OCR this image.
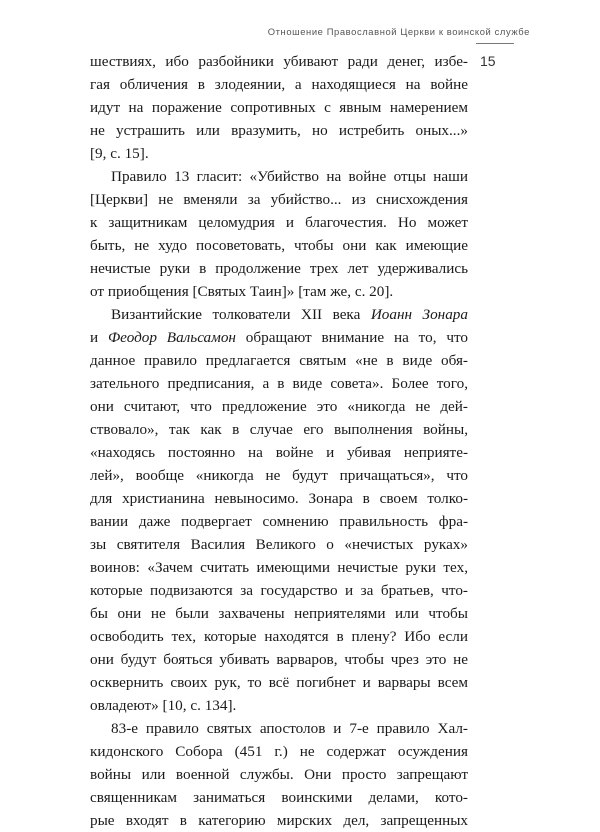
Отношение Православной Церкви к воинской службе
15

шествиях, ибо разбойники убивают ради денег, избе-
гая обличения в злодеянии, а находящиеся на войне
идут на поражение сопротивных с явным намерением
не устрашить или вразумить, но истребить оных...»
[9, с. 15].

Правило 13 гласит: «Убийство на войне отцы наши
[Церкви] не вменяли за убийство... из снисхождения
к защитникам целомудрия и благочестия. Но может
быть, не худо посоветовать, чтобы они как имеющие
нечистые руки в продолжение трех лет удерживались
от приобщения [Святых Таин]» [там же, с. 20].

Византийские толкователи XII века Иоанн Зонара
и Феодор Вальсамон обращают внимание на то, что
данное правило предлагается святым «не в виде обя-
зательного предписания, а в виде совета». Более того,
они считают, что предложение это «никогда не дей-
ствовало», так как в случае его выполнения войны,
«находясь постоянно на войне и убивая неприяте-
лей», вообще «никогда не будут причащаться», что
для христианина невыносимо. Зонара в своем толко-
вании даже подвергает сомнению правильность фра-
зы святителя Василия Великого о «нечистых руках»
воинов: «Зачем считать имеющими нечистые руки тех,
которые подвизаются за государство и за братьев, что-
бы они не были захвачены неприятелями или чтобы
освободить тех, которые находятся в плену? Ибо если
они будут бояться убивать варваров, чтобы чрез это не
осквернить своих рук, то всё погибнет и варвары всем
овладеют» [10, с. 134].

83-е правило святых апостолов и 7-е правило Хал-
кидонского Собора (451 г.) не содержат осуждения
войны или военной службы. Они просто запрещают
священникам заниматься воинскими делами, кото-
рые входят в категорию мирских дел, запрещенных
